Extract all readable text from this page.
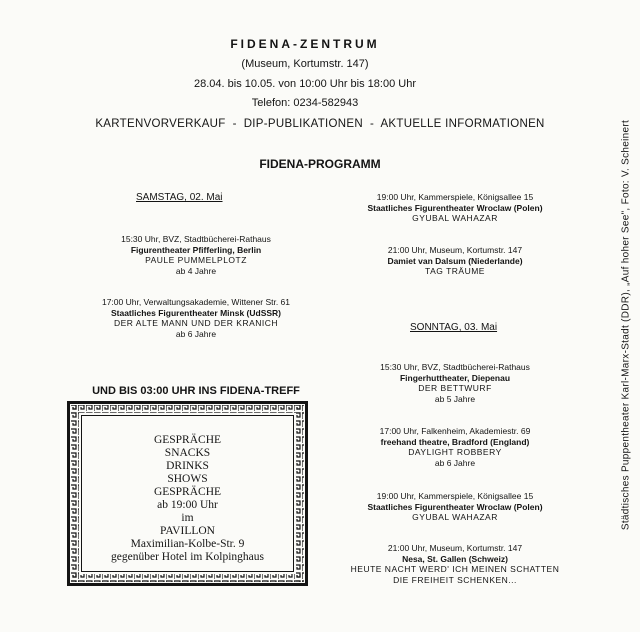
FIDENA-ZENTRUM
(Museum, Kortumstr. 147)
28.04. bis 10.05. von 10:00 Uhr bis 18:00 Uhr
Telefon: 0234-582943
KARTENVORVERKAUF  -  DIP-PUBLIKATIONEN  -  AKTUELLE INFORMATIONEN
FIDENA-PROGRAMM
SAMSTAG, 02. Mai
15:30 Uhr, BVZ, Stadtbücherei-Rathaus
Figurentheater Pfifferling, Berlin
PAULE PUMMELPLOTZ
ab 4 Jahre
17:00 Uhr, Verwaltungsakademie, Wittener Str. 61
Staatliches Figurentheater Minsk (UdSSR)
DER ALTE MANN UND DER KRANICH
ab 6 Jahre
19:00 Uhr, Kammerspiele, Königsallee 15
Staatliches Figurentheater Wroclaw (Polen)
GYUBAL WAHAZAR
21:00 Uhr, Museum, Kortumstr. 147
Damiet van Dalsum (Niederlande)
TAG TRÄUME
SONNTAG, 03. Mai
15:30 Uhr, BVZ, Stadtbücherei-Rathaus
Fingerhuttheater, Diepenau
DER BETTWURF
ab 5 Jahre
17:00 Uhr, Falkenheim, Akademiestr. 69
freehand theatre, Bradford (England)
DAYLIGHT ROBBERY
ab 6 Jahre
19:00 Uhr, Kammerspiele, Königsallee 15
Staatliches Figurentheater Wroclaw (Polen)
GYUBAL WAHAZAR
21:00 Uhr, Museum, Kortumstr. 147
Nesa, St. Gallen (Schweiz)
HEUTE NACHT WERD' ICH MEINEN SCHATTEN
DIE FREIHEIT SCHENKEN...
UND BIS 03:00 UHR INS FIDENA-TREFF
GESPRÄCHE
SNACKS
DRINKS
SHOWS
GESPRÄCHE
ab 19:00 Uhr
im
PAVILLON
Maximilian-Kolbe-Str. 9
gegenüber Hotel im Kolpinghaus
Städtisches Puppentheater Karl-Marx-Stadt (DDR), „Auf hoher See", Foto: V. Scheinert
